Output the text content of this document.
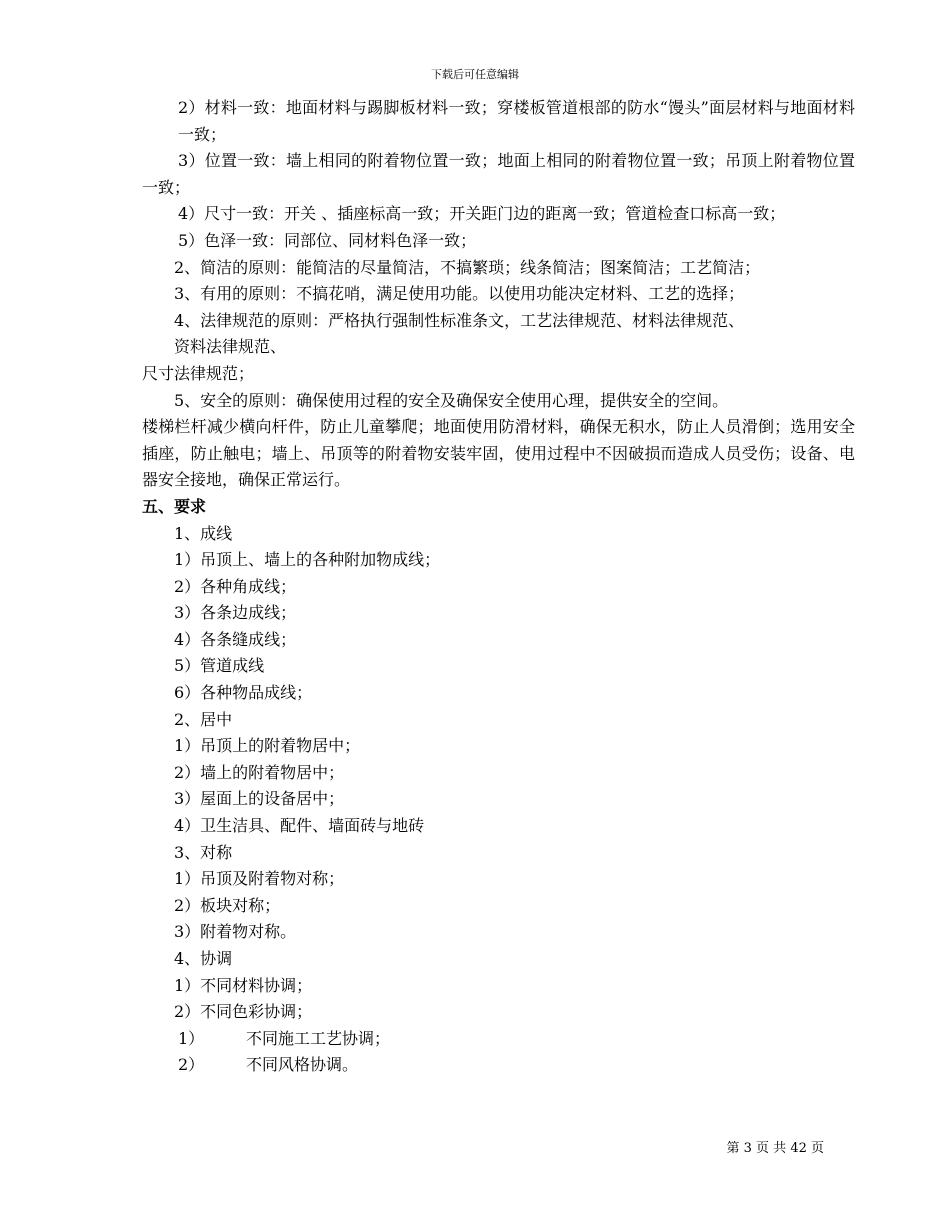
下载后可任意编辑
2）材料一致：地面材料与踢脚板材料一致；穿楼板管道根部的防水“馒头”面层材料与地面材料一致；
3）位置一致：墙上相同的附着物位置一致；地面上相同的附着物位置一致；吊顶上附着物位置一致；
4）尺寸一致：开关 、插座标高一致；开关距门边的距离一致；管道检查口标高一致；
5）色泽一致：同部位、同材料色泽一致；
2、简洁的原则：能简洁的尽量简洁，不搞繁琐；线条简洁；图案简洁；工艺简洁；
3、有用的原则：不搞花哨，满足使用功能。以使用功能决定材料、工艺的选择；
4、法律规范的原则：严格执行强制性标准条文，工艺法律规范、材料法律规范、
资料法律规范、
尺寸法律规范；
5、安全的原则：确保使用过程的安全及确保安全使用心理，提供安全的空间。
楼梯栏杆减少横向杆件，防止儿童攀爬；地面使用防滑材料，确保无积水，防止人员滑倒；选用安全插座，防止触电；墙上、吊顶等的附着物安装牢固，使用过程中不因破损而造成人员受伤；设备、电器安全接地，确保正常运行。
五、要求
1、成线
1）吊顶上、墙上的各种附加物成线；
2）各种角成线；
3）各条边成线；
4）各条缝成线；
5）管道成线
6）各种物品成线；
2、居中
1）吊顶上的附着物居中；
2）墙上的附着物居中；
3）屋面上的设备居中；
4）卫生洁具、配件、墙面砖与地砖
3、对称
1）吊顶及附着物对称；
2）板块对称；
3）附着物对称。
4、协调
1）不同材料协调；
2）不同色彩协调；
1）	不同施工工艺协调；
2）	不同风格协调。
第 3 页 共 42 页
